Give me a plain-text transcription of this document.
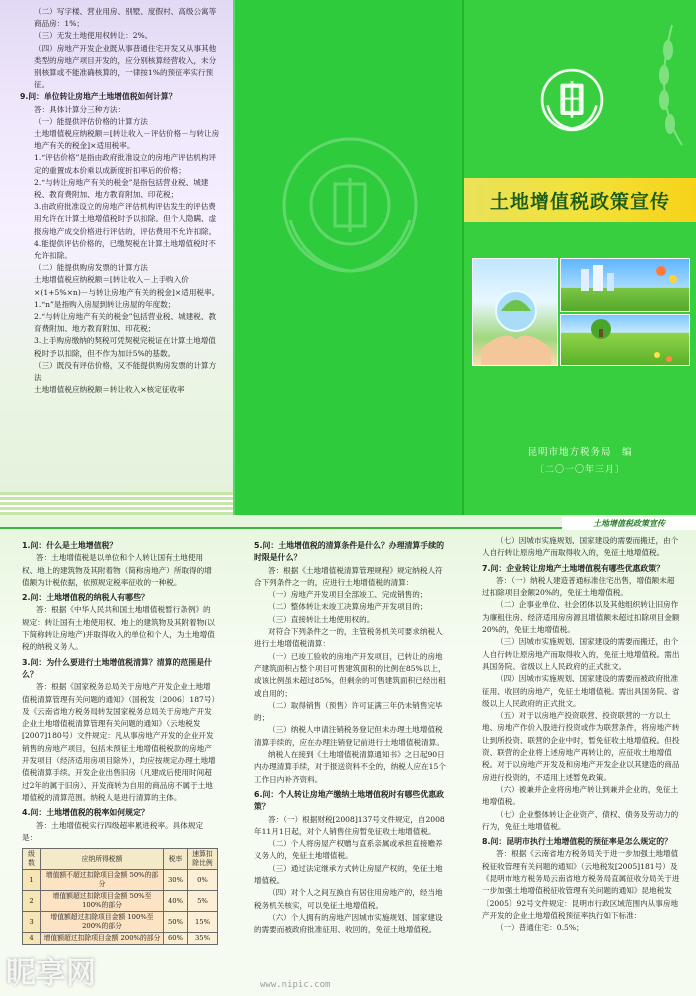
（二）写字楼、营业用房、别墅、度假村、高级公寓等商品房：1%；

（三）无发土地使用权转让：2%。

（四）房地产开发企业既从事普通住宅开发又从事其他类型的房地产项目开发的，应分别核算经营收入，未分别核算或不能准确核算的，一律按1%的预征率实行预征。

9.问：单位转让房地产土地增值税如何计算？

答：具体计算分三种方法：

（一）能提供评估价格的计算方法

土地增值税应纳税额＝[转让收入－评估价格－与转让房地产有关的税金]×适用税率。

1.“评估价格”是指由政府批准设立的房地产评估机构评定的重置成本价乘以成新度折扣率后的价格；

2.“与转让房地产有关的税金”是指包括营业税、城建税、教育费附加、地方教育附加、印花税；

3.由政府批准设立的房地产评估机构评估发生的评估费用允许在计算土地增值税时予以扣除。但个人隐瞒、虚报房地产成交价格进行评估的，评估费用不允许扣除。

4.能提供评估价格的，已缴契税在计算土地增值税时不允许扣除。

（二）能提供购房发票的计算方法

土地增值税应纳税额＝[转让收入－上手购入价×(1+5%×n)－与转让房地产有关的税金]×适用税率。

1.“n”是指购入房屋到转让房屋的年度数；

2.“与转让房地产有关的税金”包括营业税、城建税、教育费附加、地方教育附加、印花税；

3.上手购房缴纳的契税可凭契税完税证在计算土地增值税时予以扣除，但不作为加计5%的基数。

（三）既没有评估价格，又不能提供购房发票的计算方法

土地增值税应纳税额＝转让收入×核定征收率

土地增值税政策宣传
昆明市地方税务局　编
〔二〇一〇年三月〕
土地增值税政策宣传

1.问：什么是土地增值税？

答：土地增值税是以单位和个人转让国有土地使用权、地上的建筑物及其附着物（简称房地产）所取得的增值额为计税依据，依照规定税率征收的一种税。

2.问：土地增值税的纳税人有哪些？

答：根据《中华人民共和国土地增值税暂行条例》的规定：转让国有土地使用权、地上的建筑物及其附着物(以下简称转让房地产)并取得收入的单位和个人，为土地增值税的纳税义务人。

3.问：为什么要进行土地增值税清算？清算的范围是什么？

答：根据《国家税务总局关于房地产开发企业土地增值税清算管理有关问题的通知》（国税发〔2006〕187号）及《云南省地方税务局转发国家税务总局关于房地产开发企业土地增值税清算管理有关问题的通知》（云地税发[2007]180号）文件规定：凡从事房地产开发的企业开发销售的房地产项目，包括未预征土地增值税税款的房地产开发项目（经济适用房项目除外），均应按规定办理土地增值税清算手续。开发企业出售旧房（凡建成后使用时间超过2年的属于旧房）、开发商转为自用的商品房不属于土地增值税的清算范围。纳税人是进行清算的主体。

4.问：土地增值税的税率如何规定？

答：土地增值税实行四级超率累进税率。具体规定是：

级数	应纳所得税额	税率	速算扣除比例
1	增值额不超过扣除项目金额 50%的部分	30%	0%
2	增值额超过扣除项目金额 50%至 100%的部分	40%	5%
3	增值额超过扣除项目金额 100%至 200%的部分	50%	15%
4	增值额超过扣除项目金额 200%的部分	60%	35%

5.问：土地增值税的清算条件是什么？办理清算手续的时限是什么？

答：根据《土地增值税清算管理规程》规定纳税人符合下列条件之一的，应进行土地增值税的清算：

（一）房地产开发项目全部竣工、完成销售的；

（二）整体转让未竣工决算房地产开发项目的；

（三）直接转让土地使用权的。

对符合下列条件之一的，主管税务机关可要求纳税人进行土地增值税清算：

（一）已竣工验收的房地产开发项目，已转让的房地产建筑面积占整个项目可售建筑面积的比例在85%以上，或该比例虽未超过85%，但剩余的可售建筑面积已经出租或自用的；

（二）取得销售（预售）许可证满三年仍未销售完毕的；

（三）纳税人申请注销税务登记但未办理土地增值税清算手续的，应在办理注销登记前进行土地增值税清算。

纳税人在接到《土地增值税清算通知书》之日起90日内办理清算手续，对于报送资料不全的，纳税人应在15个工作日内补齐资料。

6.问：个人转让房地产缴纳土地增值税时有哪些优惠政策？

答：（一）根据财税[2008]137号文件规定，自2008年11月1日起，对个人销售住房暂免征收土地增值税。

（二）个人将房屋产权赠与直系亲属或承担直接赡养义务人的，免征土地增值税。

（三）通过法定继承方式转让房屋产权的，免征土地增值税。

（四）对个人之间互换自有居住用房地产的，经当地税务机关核实，可以免征土地增值税。

（六）个人拥有的房地产因城市实施规划、国家建设的需要而被政府批准征用、收回的，免征土地增值税。

（七）因城市实施规划、国家建设的需要而搬迁，由个人自行转让原房地产而取得收入的，免征土地增值税。

7.问：企业转让房地产土地增值税有哪些优惠政策？

答：（一）纳税人建造普通标准住宅出售，增值额未超过扣除项目金额20%的，免征土地增值税。

（二）企事业单位、社会团体以及其他组织转让旧房作为廉租住房、经济适用房房源且增值额未超过扣除项目金额20%的，免征土地增值税。

（三）因城市实施规划、国家建设的需要而搬迁，由个人自行转让原房地产而取得收入的，免征土地增值税。需出具国务院、省级以上人民政府的正式批文。

（四）因城市实施规划、国家建设的需要而被政府批准征用、收回的房地产，免征土地增值税。需出具国务院、省级以上人民政府的正式批文。

（五）对于以房地产投资联营、投资联营的一方以土地、房地产作价入股进行投资或作为联营条件，将房地产转让到所投资、联营的企业中时，暂免征收土地增值税。但投资、联营的企业将上述房地产再转让的，应征收土地增值税。对于以房地产开发及和房地产开发企业以其建造的商品房进行投资的，不适用上述暂免政策。

（六）被兼并企业将房地产转让到兼并企业的，免征土地增值税。

（七）企业整体转让企业资产、债权、债务及劳动力的行为，免征土地增值税。

8.问：昆明市执行土地增值税的预征率是怎么规定的？

答：根据《云南省地方税务局关于进一步加强土地增值税征收管理有关问题的通知》（云地税发[2005]181号）及《昆明市地方税务局云南省地方税务局直属征收分局关于进一步加强土地增值税征收管理有关问题的通知》昆地税发〔2005〕92号文件规定：昆明市行政区域范围内从事房地产开发的企业土地增值税预征率执行如下标准：

（一）普通住宅：0.5%；

昵享网	www.nipic.com
